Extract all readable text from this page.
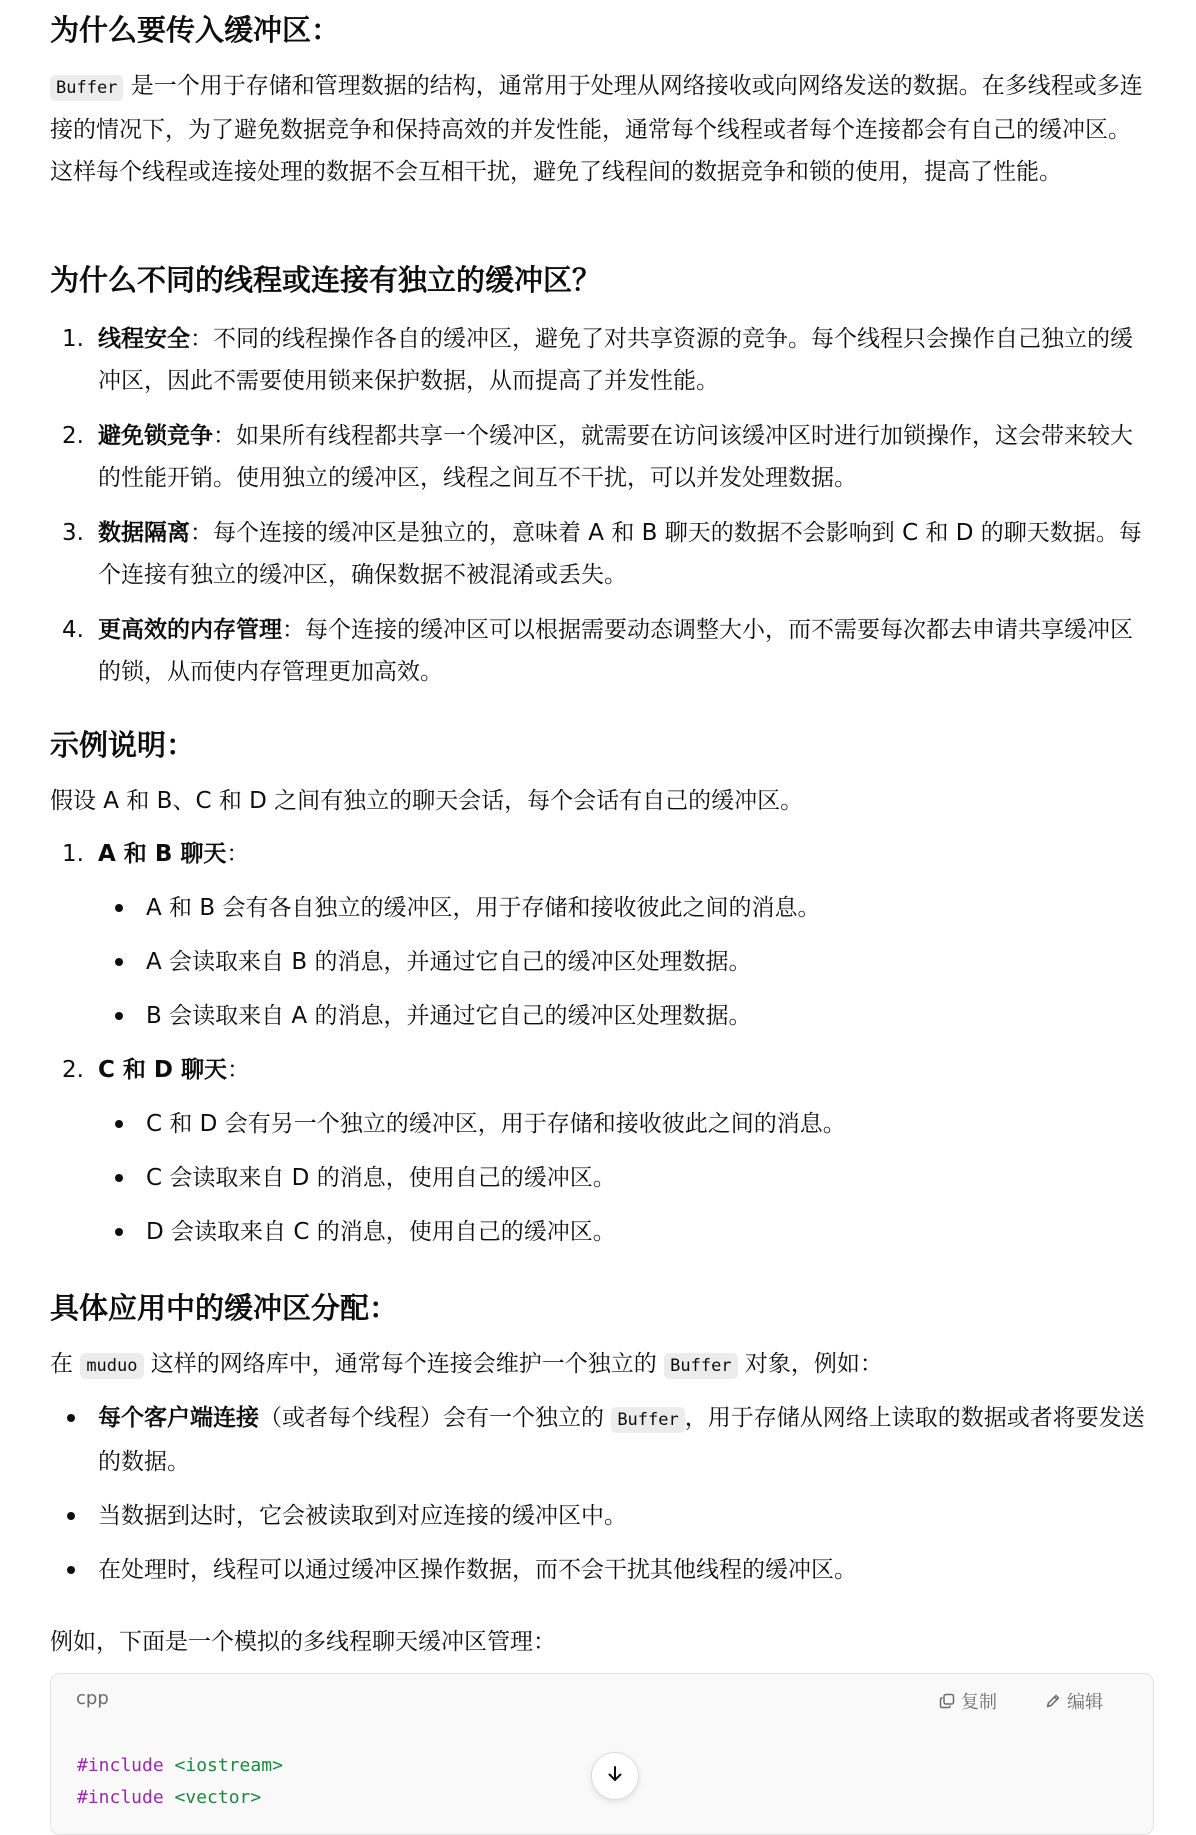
为什么要传入缓冲区：

Buffer 是一个用于存储和管理数据的结构，通常用于处理从网络接收或向网络发送的数据。在多线程或多连接的情况下，为了避免数据竞争和保持高效的并发性能，通常每个线程或者每个连接都会有自己的缓冲区。这样每个线程或连接处理的数据不会互相干扰，避免了线程间的数据竞争和锁的使用，提高了性能。

为什么不同的线程或连接有独立的缓冲区？
1. 线程安全：不同的线程操作各自的缓冲区，避免了对共享资源的竞争。每个线程只会操作自己独立的缓冲区，因此不需要使用锁来保护数据，从而提高了并发性能。
2. 避免锁竞争：如果所有线程都共享一个缓冲区，就需要在访问该缓冲区时进行加锁操作，这会带来较大的性能开销。使用独立的缓冲区，线程之间互不干扰，可以并发处理数据。
3. 数据隔离：每个连接的缓冲区是独立的，意味着 A 和 B 聊天的数据不会影响到 C 和 D 的聊天数据。每个连接有独立的缓冲区，确保数据不被混淆或丢失。
4. 更高效的内存管理：每个连接的缓冲区可以根据需要动态调整大小，而不需要每次都去申请共享缓冲区的锁，从而使内存管理更加高效。
示例说明：

假设 A 和 B、C 和 D 之间有独立的聊天会话，每个会话有自己的缓冲区。

1. A 和 B 聊天：
A 和 B 会有各自独立的缓冲区，用于存储和接收彼此之间的消息。
A 会读取来自 B 的消息，并通过它自己的缓冲区处理数据。
B 会读取来自 A 的消息，并通过它自己的缓冲区处理数据。
2. C 和 D 聊天：
C 和 D 会有另一个独立的缓冲区，用于存储和接收彼此之间的消息。
C 会读取来自 D 的消息，使用自己的缓冲区。
D 会读取来自 C 的消息，使用自己的缓冲区。
具体应用中的缓冲区分配：

在 muduo 这样的网络库中，通常每个连接会维护一个独立的 Buffer 对象，例如：

每个客户端连接（或者每个线程）会有一个独立的 Buffer ，用于存储从网络上读取的数据或者将要发送的数据。
当数据到达时，它会被读取到对应连接的缓冲区中。
在处理时，线程可以通过缓冲区操作数据，而不会干扰其他线程的缓冲区。

例如，下面是一个模拟的多线程聊天缓冲区管理：

cpp	复制	编辑
#include <iostream>
#include <vector>
